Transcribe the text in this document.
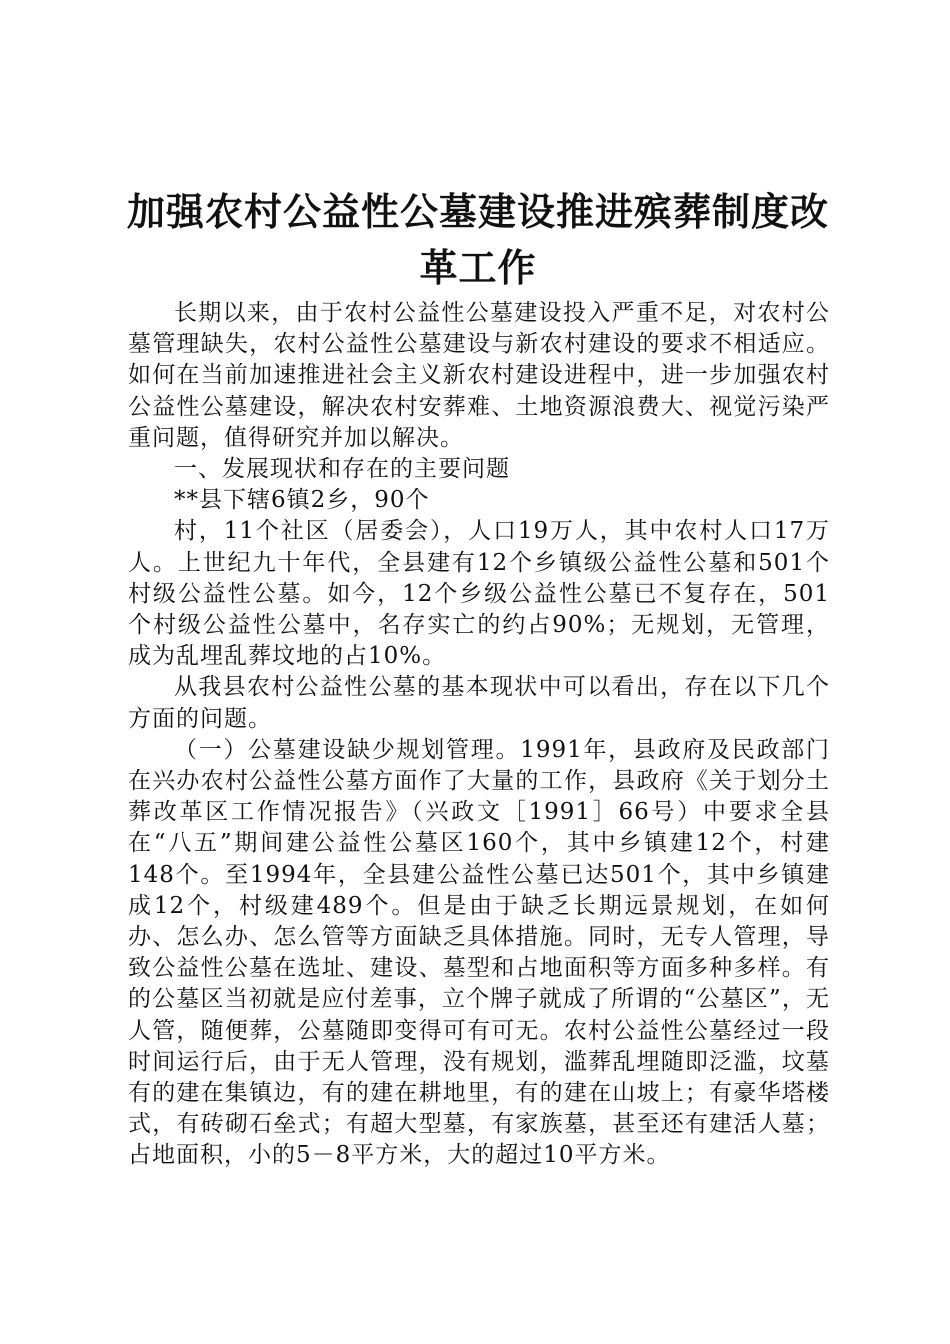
加强农村公益性公墓建设推进殡葬制度改革工作

长期以来，由于农村公益性公墓建设投入严重不足，对农村公墓管理缺失，农村公益性公墓建设与新农村建设的要求不相适应。如何在当前加速推进社会主义新农村建设进程中，进一步加强农村公益性公墓建设，解决农村安葬难、土地资源浪费大、视觉污染严重问题，值得研究并加以解决。

一、发展现状和存在的主要问题

**县下辖6镇2乡，90个

村，11个社区（居委会），人口19万人，其中农村人口17万人。上世纪九十年代，全县建有12个乡镇级公益性公墓和501个村级公益性公墓。如今，12个乡级公益性公墓已不复存在，501个村级公益性公墓中，名存实亡的约占90%；无规划，无管理，成为乱埋乱葬坟地的占10%。

从我县农村公益性公墓的基本现状中可以看出，存在以下几个方面的问题。

（一）公墓建设缺少规划管理。1991年，县政府及民政部门在兴办农村公益性公墓方面作了大量的工作，县政府《关于划分土葬改革区工作情况报告》（兴政文［1991］66号）中要求全县在“八五”期间建公益性公墓区160个，其中乡镇建12个，村建148个。至1994年，全县建公益性公墓已达501个，其中乡镇建成12个，村级建489个。但是由于缺乏长期远景规划，在如何办、怎么办、怎么管等方面缺乏具体措施。同时，无专人管理，导致公益性公墓在选址、建设、墓型和占地面积等方面多种多样。有的公墓区当初就是应付差事，立个牌子就成了所谓的“公墓区”，无人管，随便葬，公墓随即变得可有可无。农村公益性公墓经过一段时间运行后，由于无人管理，没有规划，滥葬乱埋随即泛滥，坟墓有的建在集镇边，有的建在耕地里，有的建在山坡上；有豪华塔楼式，有砖砌石垒式；有超大型墓，有家族墓，甚至还有建活人墓；占地面积，小的5－8平方米，大的超过10平方米。
